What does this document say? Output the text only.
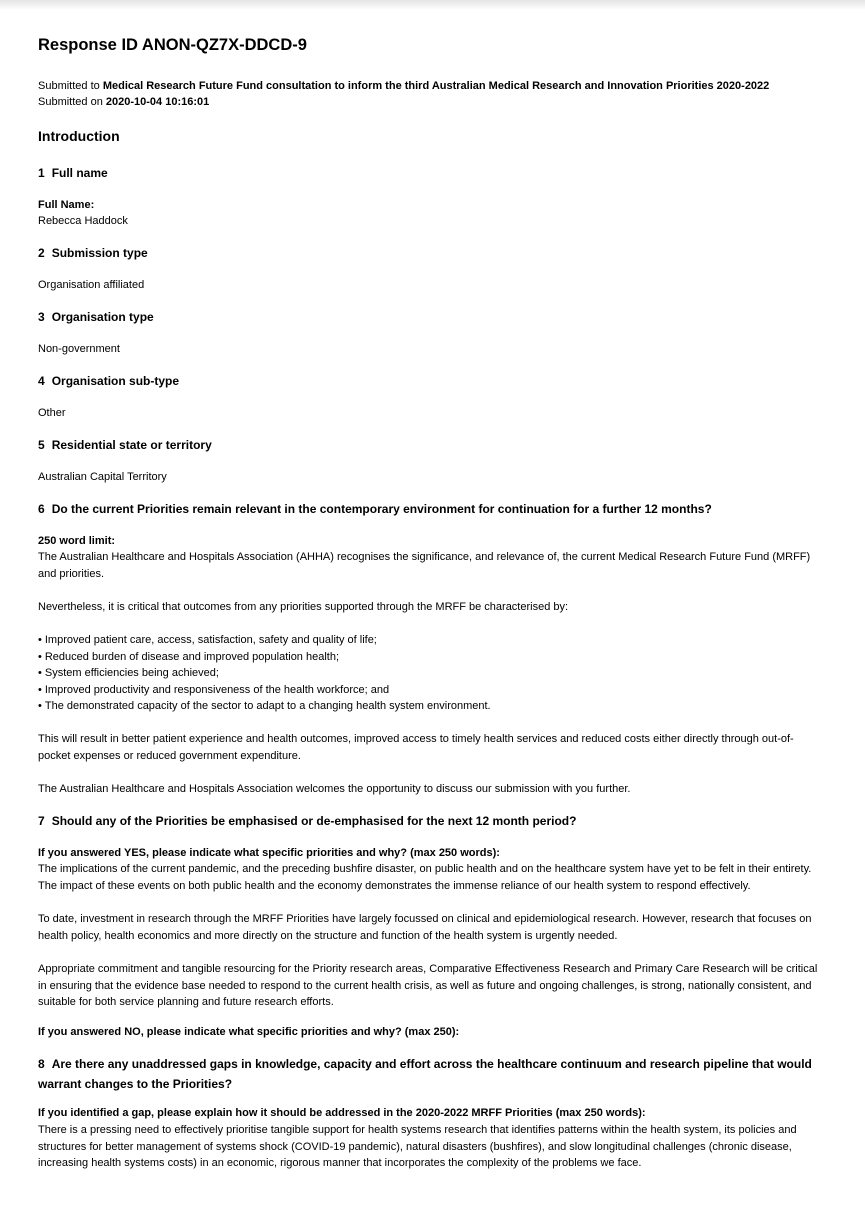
Response ID ANON-QZ7X-DDCD-9
Submitted to Medical Research Future Fund consultation to inform the third Australian Medical Research and Innovation Priorities 2020-2022
Submitted on 2020-10-04 10:16:01
Introduction
1 Full name
Full Name:
Rebecca Haddock
2 Submission type
Organisation affiliated
3 Organisation type
Non-government
4 Organisation sub-type
Other
5 Residential state or territory
Australian Capital Territory
6 Do the current Priorities remain relevant in the contemporary environment for continuation for a further 12 months?
250 word limit:

The Australian Healthcare and Hospitals Association (AHHA) recognises the significance, and relevance of, the current Medical Research Future Fund (MRFF) and priorities.

Nevertheless, it is critical that outcomes from any priorities supported through the MRFF be characterised by:

• Improved patient care, access, satisfaction, safety and quality of life;
• Reduced burden of disease and improved population health;
• System efficiencies being achieved;
• Improved productivity and responsiveness of the health workforce; and
• The demonstrated capacity of the sector to adapt to a changing health system environment.

This will result in better patient experience and health outcomes, improved access to timely health services and reduced costs either directly through out-of-pocket expenses or reduced government expenditure.

The Australian Healthcare and Hospitals Association welcomes the opportunity to discuss our submission with you further.

7 Should any of the Priorities be emphasised or de-emphasised for the next 12 month period?
If you answered YES, please indicate what specific priorities and why? (max 250 words):

The implications of the current pandemic, and the preceding bushfire disaster, on public health and on the healthcare system have yet to be felt in their entirety. The impact of these events on both public health and the economy demonstrates the immense reliance of our health system to respond effectively.

To date, investment in research through the MRFF Priorities have largely focussed on clinical and epidemiological research. However, research that focuses on health policy, health economics and more directly on the structure and function of the health system is urgently needed.

Appropriate commitment and tangible resourcing for the Priority research areas, Comparative Effectiveness Research and Primary Care Research will be critical in ensuring that the evidence base needed to respond to the current health crisis, as well as future and ongoing challenges, is strong, nationally consistent, and suitable for both service planning and future research efforts.

If you answered NO, please indicate what specific priorities and why? (max 250):
8 Are there any unaddressed gaps in knowledge, capacity and effort across the healthcare continuum and research pipeline that would warrant changes to the Priorities?
If you identified a gap, please explain how it should be addressed in the 2020-2022 MRFF Priorities (max 250 words):

There is a pressing need to effectively prioritise tangible support for health systems research that identifies patterns within the health system, its policies and structures for better management of systems shock (COVID-19 pandemic), natural disasters (bushfires), and slow longitudinal challenges (chronic disease, increasing health systems costs) in an economic, rigorous manner that incorporates the complexity of the problems we face.
